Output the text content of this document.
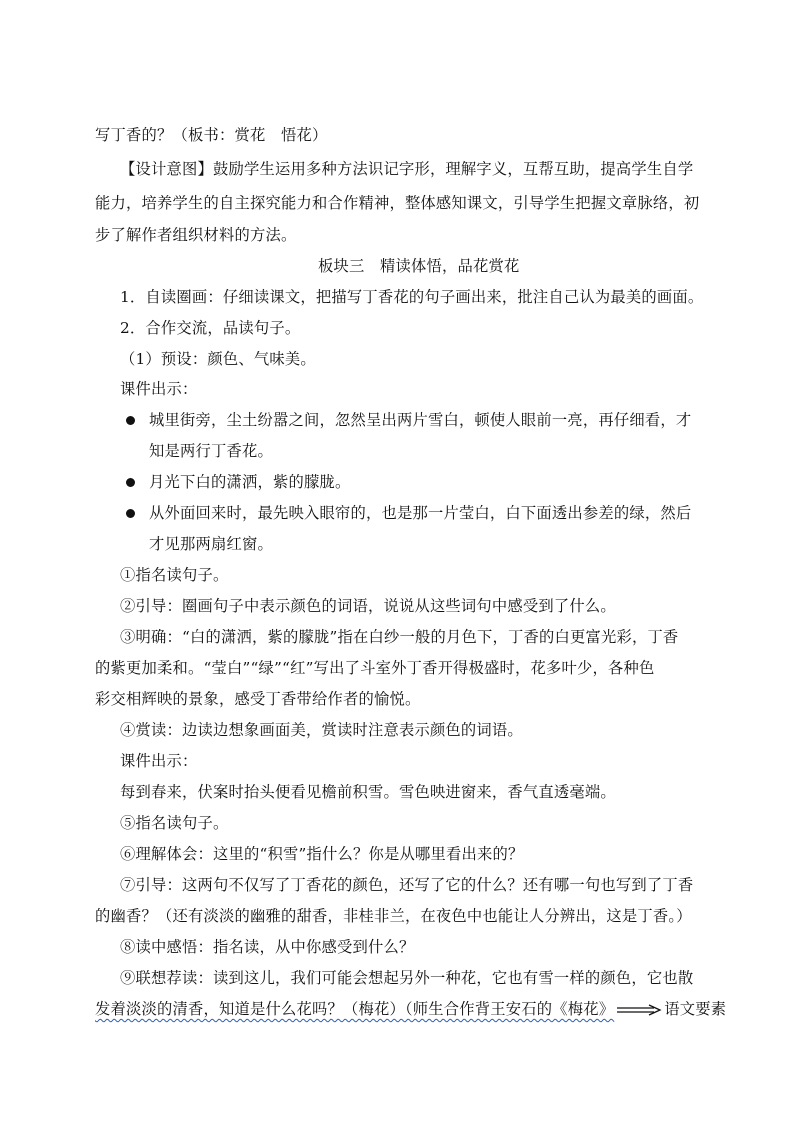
写丁香的？（板书：赏花　悟花）
【设计意图】鼓励学生运用多种方法识记字形，理解字义，互帮互助，提高学生自学
能力，培养学生的自主探究能力和合作精神，整体感知课文，引导学生把握文章脉络，初
步了解作者组织材料的方法。
板块三　精读体悟，品花赏花
1．自读圈画：仔细读课文，把描写丁香花的句子画出来，批注自己认为最美的画面。
2．合作交流，品读句子。
（1）预设：颜色、气味美。
课件出示：
城里街旁，尘土纷嚣之间，忽然呈出两片雪白，顿使人眼前一亮，再仔细看，才
知是两行丁香花。
月光下白的潇洒，紫的朦胧。
从外面回来时，最先映入眼帘的，也是那一片莹白，白下面透出参差的绿，然后
才见那两扇红窗。
①指名读句子。
②引导：圈画句子中表示颜色的词语，说说从这些词句中感受到了什么。
③明确：“白的潇洒，紫的朦胧”指在白纱一般的月色下，丁香的白更富光彩，丁香
的紫更加柔和。“莹白”“绿”“红”写出了斗室外丁香开得极盛时，花多叶少，各种色
彩交相辉映的景象，感受丁香带给作者的愉悦。
④赏读：边读边想象画面美，赏读时注意表示颜色的词语。
课件出示：
每到春来，伏案时抬头便看见檐前积雪。雪色映进窗来，香气直透毫端。
⑤指名读句子。
⑥理解体会：这里的“积雪”指什么？你是从哪里看出来的？
⑦引导：这两句不仅写了丁香花的颜色，还写了它的什么？还有哪一句也写到了丁香
的幽香？（还有淡淡的幽雅的甜香，非桂非兰，在夜色中也能让人分辨出，这是丁香。）
⑧读中感悟：指名读，从中你感受到什么？
⑨联想荐读：读到这儿，我们可能会想起另外一种花，它也有雪一样的颜色，它也散
发着淡淡的清香，知道是什么花吗？（梅花）（师生合作背王安石的《梅花》	语文要素
